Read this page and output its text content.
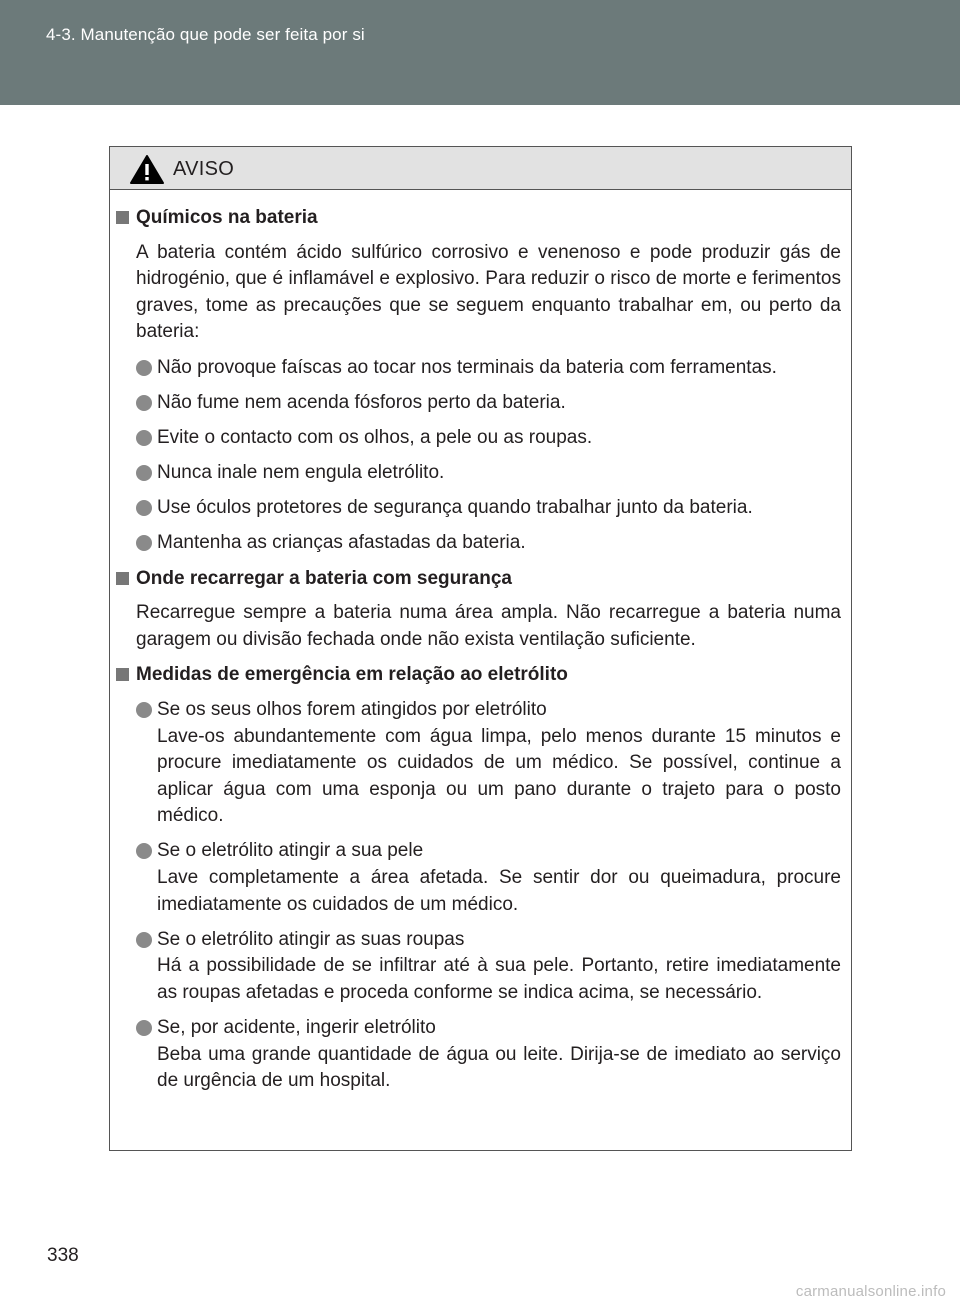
4-3. Manutenção que pode ser feita por si
AVISO
Químicos na bateria
A bateria contém ácido sulfúrico corrosivo e venenoso e pode produzir gás de hidrogénio, que é inflamável e explosivo. Para reduzir o risco de morte e ferimentos graves, tome as precauções que se seguem enquanto trabalhar em, ou perto da bateria:
Não provoque faíscas ao tocar nos terminais da bateria com ferramentas.
Não fume nem acenda fósforos perto da bateria.
Evite o contacto com os olhos, a pele ou as roupas.
Nunca inale nem engula eletrólito.
Use óculos protetores de segurança quando trabalhar junto da bateria.
Mantenha as crianças afastadas da bateria.
Onde recarregar a bateria com segurança
Recarregue sempre a bateria numa área ampla. Não recarregue a bateria numa garagem ou divisão fechada onde não exista ventilação suficiente.
Medidas de emergência em relação ao eletrólito
Se os seus olhos forem atingidos por eletrólito
Lave-os abundantemente com água limpa, pelo menos durante 15 minutos e procure imediatamente os cuidados de um médico. Se possível, continue a aplicar água com uma esponja ou um pano durante o trajeto para o posto médico.
Se o eletrólito atingir a sua pele
Lave completamente a área afetada. Se sentir dor ou queimadura, procure imediatamente os cuidados de um médico.
Se o eletrólito atingir as suas roupas
Há a possibilidade de se infiltrar até à sua pele. Portanto, retire imediatamente as roupas afetadas e proceda conforme se indica acima, se necessário.
Se, por acidente, ingerir eletrólito
Beba uma grande quantidade de água ou leite. Dirija-se de imediato ao serviço de urgência de um hospital.
338
carmanualsonline.info
